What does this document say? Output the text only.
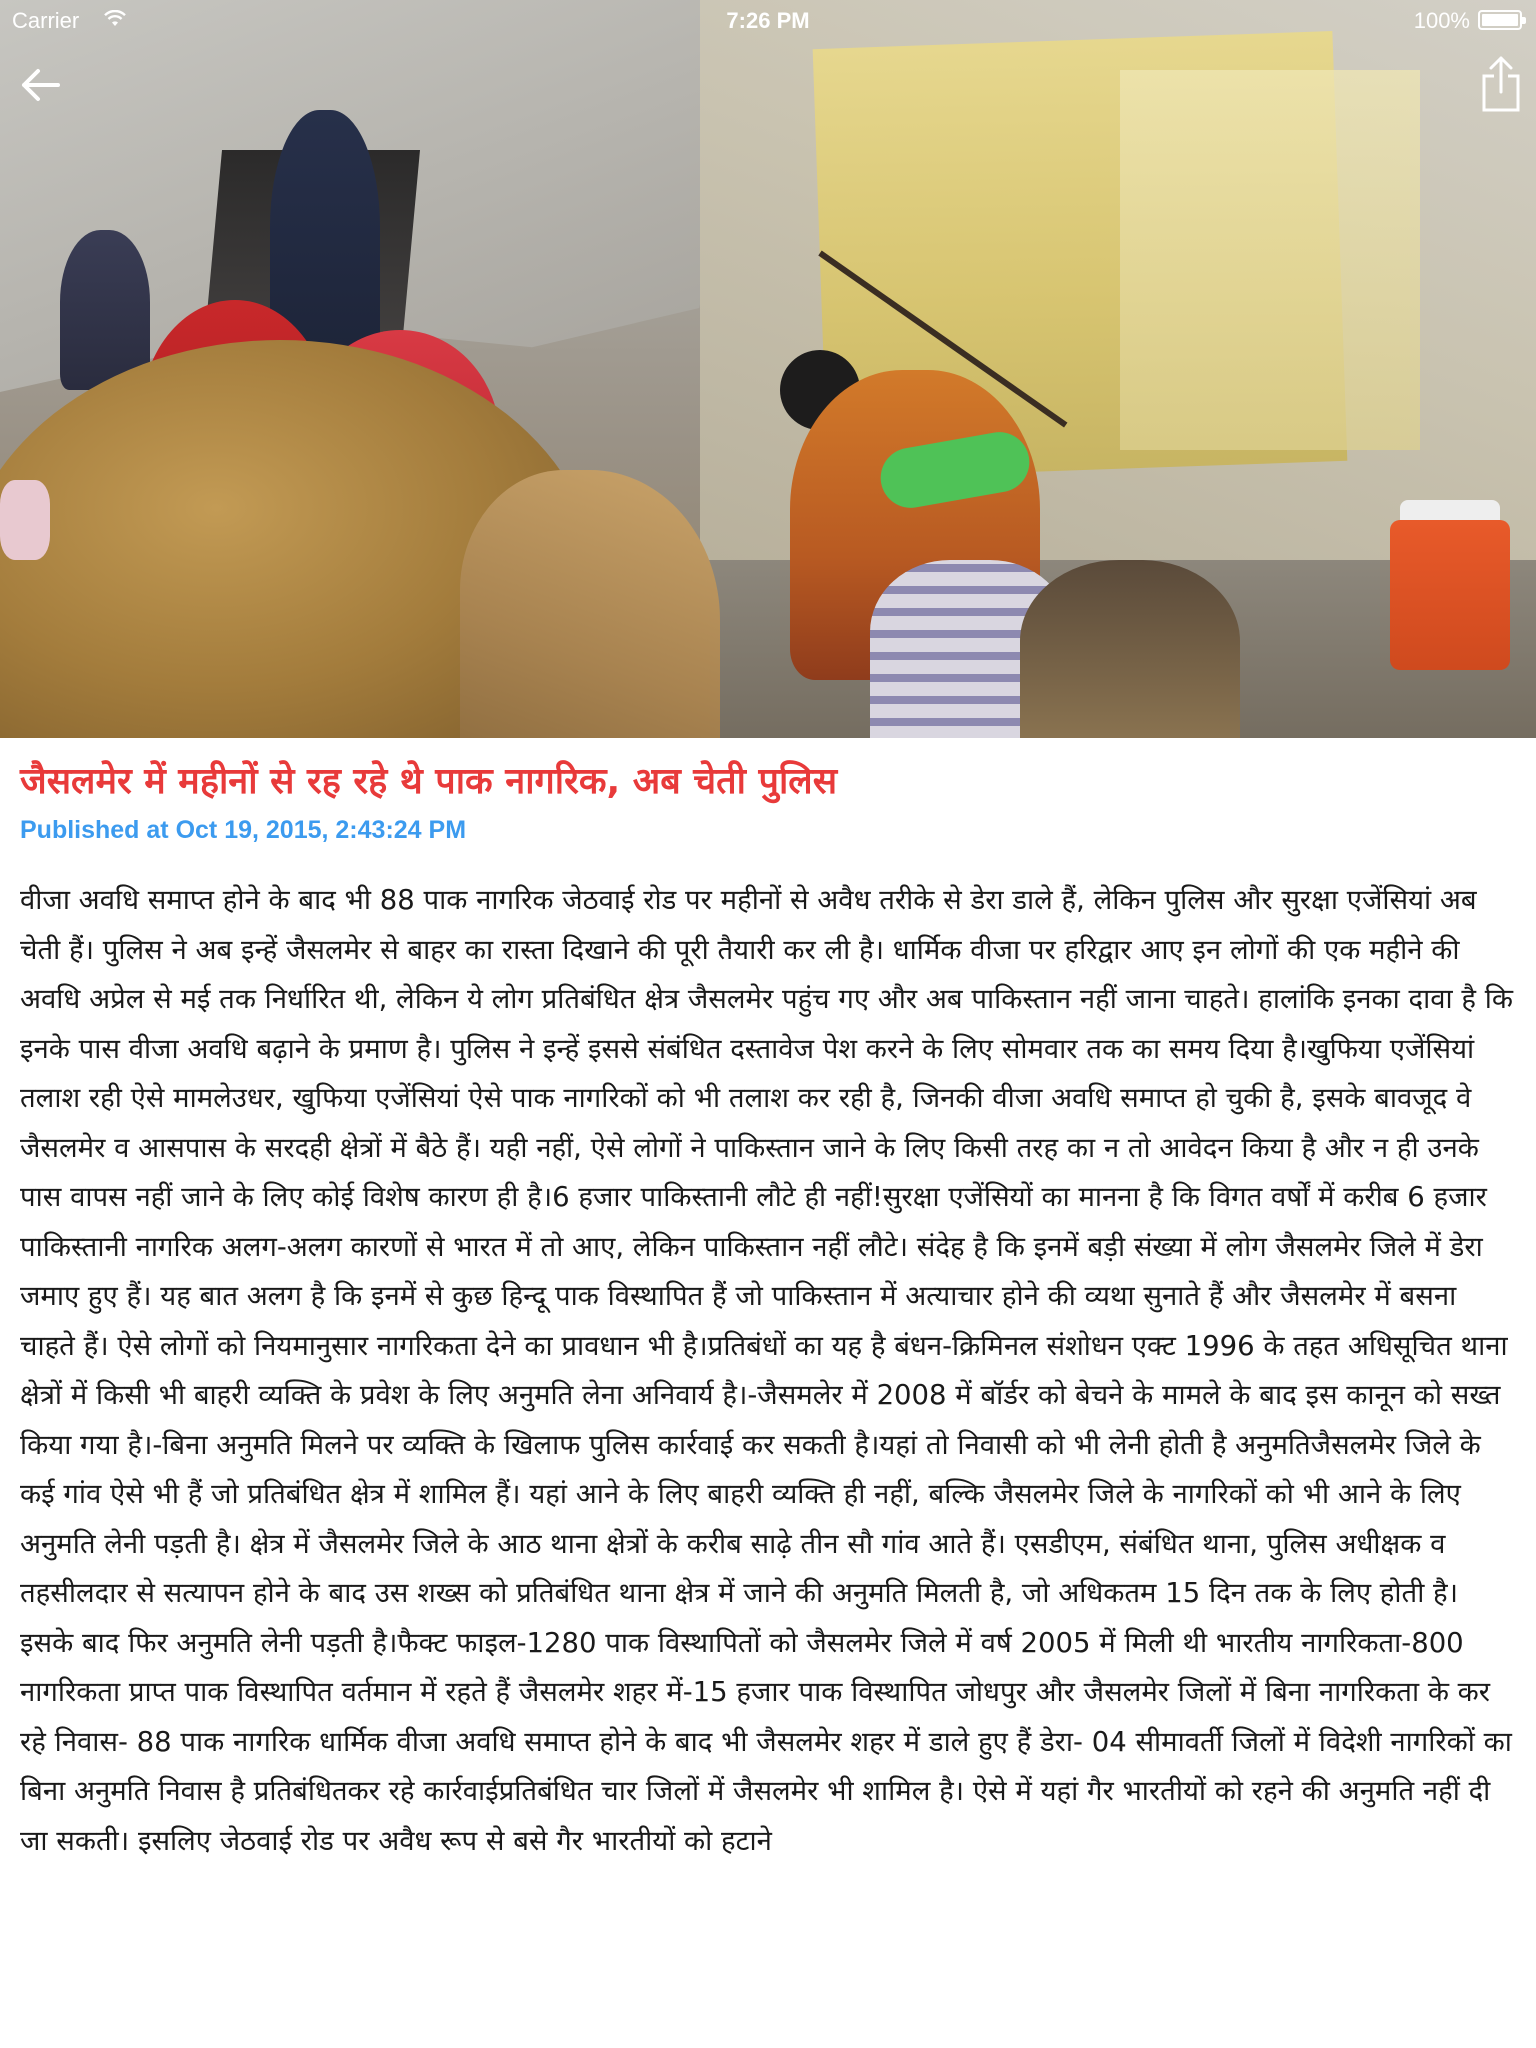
Carrier	7:26 PM	100%
जैसलमेर में महीनों से रह रहे थे पाक नागरिक, अब चेती पुलिस
Published at Oct 19, 2015, 2:43:24 PM

वीजा अवधि समाप्त होने के बाद भी 88 पाक नागरिक जेठवाई रोड पर महीनों से अवैध तरीके से डेरा डाले हैं, लेकिन पुलिस और सुरक्षा एजेंसियां अब चेती हैं। पुलिस ने अब इन्हें जैसलमेर से बाहर का रास्ता दिखाने की पूरी तैयारी कर ली है। धार्मिक वीजा पर हरिद्वार आए इन लोगों की एक महीने की अवधि अप्रेल से मई तक निर्धारित थी, लेकिन ये लोग प्रतिबंधित क्षेत्र जैसलमेर पहुंच गए और अब पाकिस्तान नहीं जाना चाहते। हालांकि इनका दावा है कि इनके पास वीजा अवधि बढ़ाने के प्रमाण है। पुलिस ने इन्हें इससे संबंधित दस्तावेज पेश करने के लिए सोमवार तक का समय दिया है।खुफिया एजेंसियां तलाश रही ऐसे मामलेउधर, खुफिया एजेंसियां ऐसे पाक नागरिकों को भी तलाश कर रही है, जिनकी वीजा अवधि समाप्त हो चुकी है, इसके बावजूद वे जैसलमेर व आसपास के सरदही क्षेत्रों में बैठे हैं। यही नहीं, ऐसे लोगों ने पाकिस्तान जाने के लिए किसी तरह का न तो आवेदन किया है और न ही उनके पास वापस नहीं जाने के लिए कोई विशेष कारण ही है।6 हजार पाकिस्तानी लौटे ही नहीं!सुरक्षा एजेंसियों का मानना है कि विगत वर्षों में करीब 6 हजार पाकिस्तानी नागरिक अलग-अलग कारणों से भारत में तो आए, लेकिन पाकिस्तान नहीं लौटे। संदेह है कि इनमें बड़ी संख्या में लोग जैसलमेर जिले में डेरा जमाए हुए हैं। यह बात अलग है कि इनमें से कुछ हिन्दू पाक विस्थापित हैं जो पाकिस्तान में अत्याचार होने की व्यथा सुनाते हैं और जैसलमेर में बसना चाहते हैं। ऐसे लोगों को नियमानुसार नागरिकता देने का प्रावधान भी है।प्रतिबंधों का यह है बंधन-क्रिमिनल संशोधन एक्ट 1996 के तहत अधिसूचित थाना क्षेत्रों में किसी भी बाहरी व्यक्ति के प्रवेश के लिए अनुमति लेना अनिवार्य है।-जैसमलेर में 2008 में बॉर्डर को बेचने के मामले के बाद इस कानून को सख्त किया गया है।-बिना अनुमति मिलने पर व्यक्ति के खिलाफ पुलिस कार्रवाई कर सकती है।यहां तो निवासी को भी लेनी होती है अनुमतिजैसलमेर जिले के कई गांव ऐसे भी हैं जो प्रतिबंधित क्षेत्र में शामिल हैं। यहां आने के लिए बाहरी व्यक्ति ही नहीं, बल्कि जैसलमेर जिले के नागरिकों को भी आने के लिए अनुमति लेनी पड़ती है। क्षेत्र में जैसलमेर जिले के आठ थाना क्षेत्रों के करीब साढ़े तीन सौ गांव आते हैं। एसडीएम, संबंधित थाना, पुलिस अधीक्षक व तहसीलदार से सत्यापन होने के बाद उस शख्स को प्रतिबंधित थाना क्षेत्र में जाने की अनुमति मिलती है, जो अधिकतम 15 दिन तक के लिए होती है। इसके बाद फिर अनुमति लेनी पड़ती है।फैक्ट फाइल-1280 पाक विस्थापितों को जैसलमेर जिले में वर्ष 2005 में मिली थी भारतीय नागरिकता-800 नागरिकता प्राप्त पाक विस्थापित वर्तमान में रहते हैं जैसलमेर शहर में-15 हजार पाक विस्थापित जोधपुर और जैसलमेर जिलों में बिना नागरिकता के कर रहे निवास- 88 पाक नागरिक धार्मिक वीजा अवधि समाप्त होने के बाद भी जैसलमेर शहर में डाले हुए हैं डेरा- 04 सीमावर्ती जिलों में विदेशी नागरिकों का बिना अनुमति निवास है प्रतिबंधितकर रहे कार्रवाईप्रतिबंधित चार जिलों में जैसलमेर भी शामिल है। ऐसे में यहां गैर भारतीयों को रहने की अनुमति नहीं दी जा सकती। इसलिए जेठवाई रोड पर अवैध रूप से बसे गैर भारतीयों को हटाने
